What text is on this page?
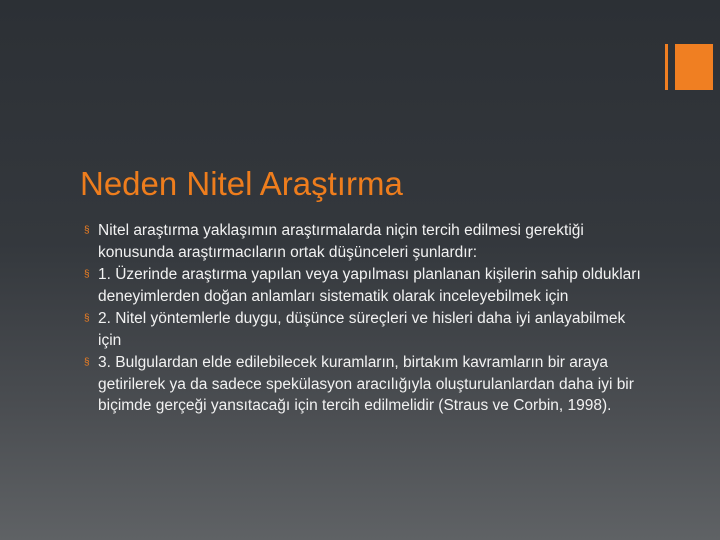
Neden Nitel Araştırma
§ Nitel araştırma yaklaşımın araştırmalarda niçin tercih edilmesi gerektiği konusunda araştırmacıların ortak düşünceleri şunlardır:
§ 1. Üzerinde araştırma yapılan veya yapılması planlanan kişilerin sahip oldukları deneyimlerden doğan anlamları sistematik olarak inceleyebilmek için
§ 2. Nitel yöntemlerle duygu, düşünce süreçleri ve hisleri daha iyi anlayabilmek için
§ 3. Bulgulardan elde edilebilecek kuramların, birtakım kavramların bir araya getirilerek ya da sadece spekülasyon aracılığıyla oluşturulanlardan daha iyi bir biçimde gerçeği yansıtacağı için tercih edilmelidir (Straus ve Corbin, 1998).
